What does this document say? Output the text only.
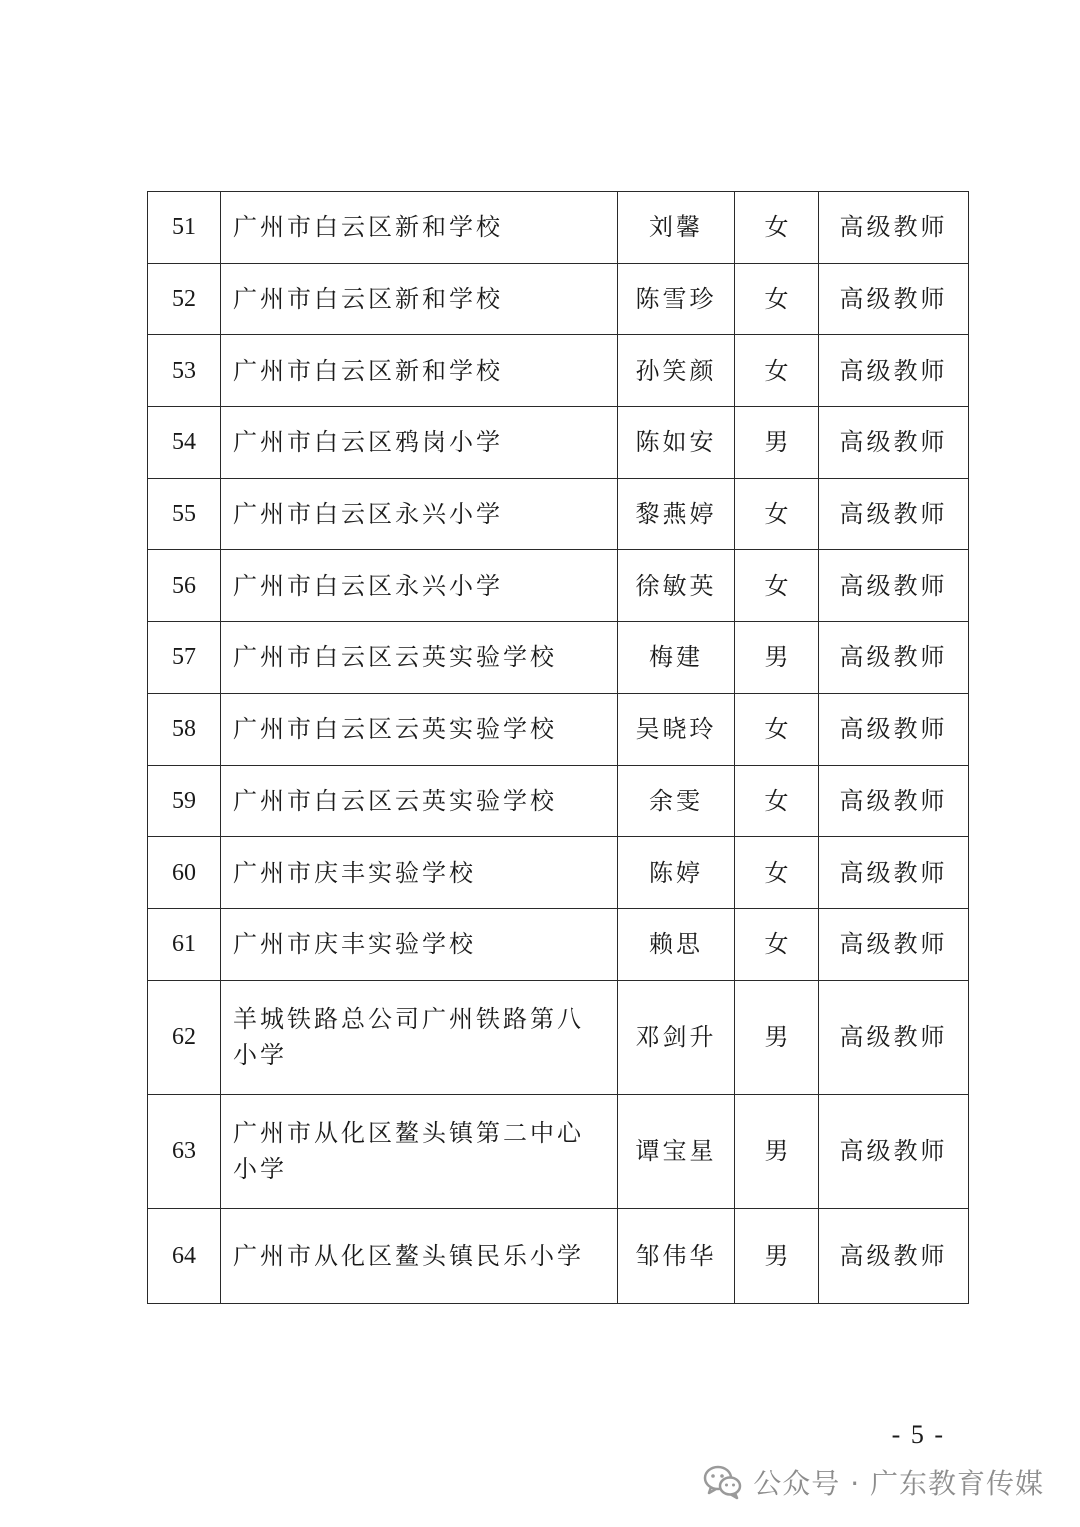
51	广州市白云区新和学校	刘馨	女	高级教师
52	广州市白云区新和学校	陈雪珍	女	高级教师
53	广州市白云区新和学校	孙笑颜	女	高级教师
54	广州市白云区鸦岗小学	陈如安	男	高级教师
55	广州市白云区永兴小学	黎燕婷	女	高级教师
56	广州市白云区永兴小学	徐敏英	女	高级教师
57	广州市白云区云英实验学校	梅建	男	高级教师
58	广州市白云区云英实验学校	吴晓玲	女	高级教师
59	广州市白云区云英实验学校	余雯	女	高级教师
60	广州市庆丰实验学校	陈婷	女	高级教师
61	广州市庆丰实验学校	赖思	女	高级教师
62	羊城铁路总公司广州铁路第八小学	邓剑升	男	高级教师
63	广州市从化区鳌头镇第二中心小学	谭宝星	男	高级教师
64	广州市从化区鳌头镇民乐小学	邹伟华	男	高级教师
- 5 -
公众号 · 广东教育传媒
